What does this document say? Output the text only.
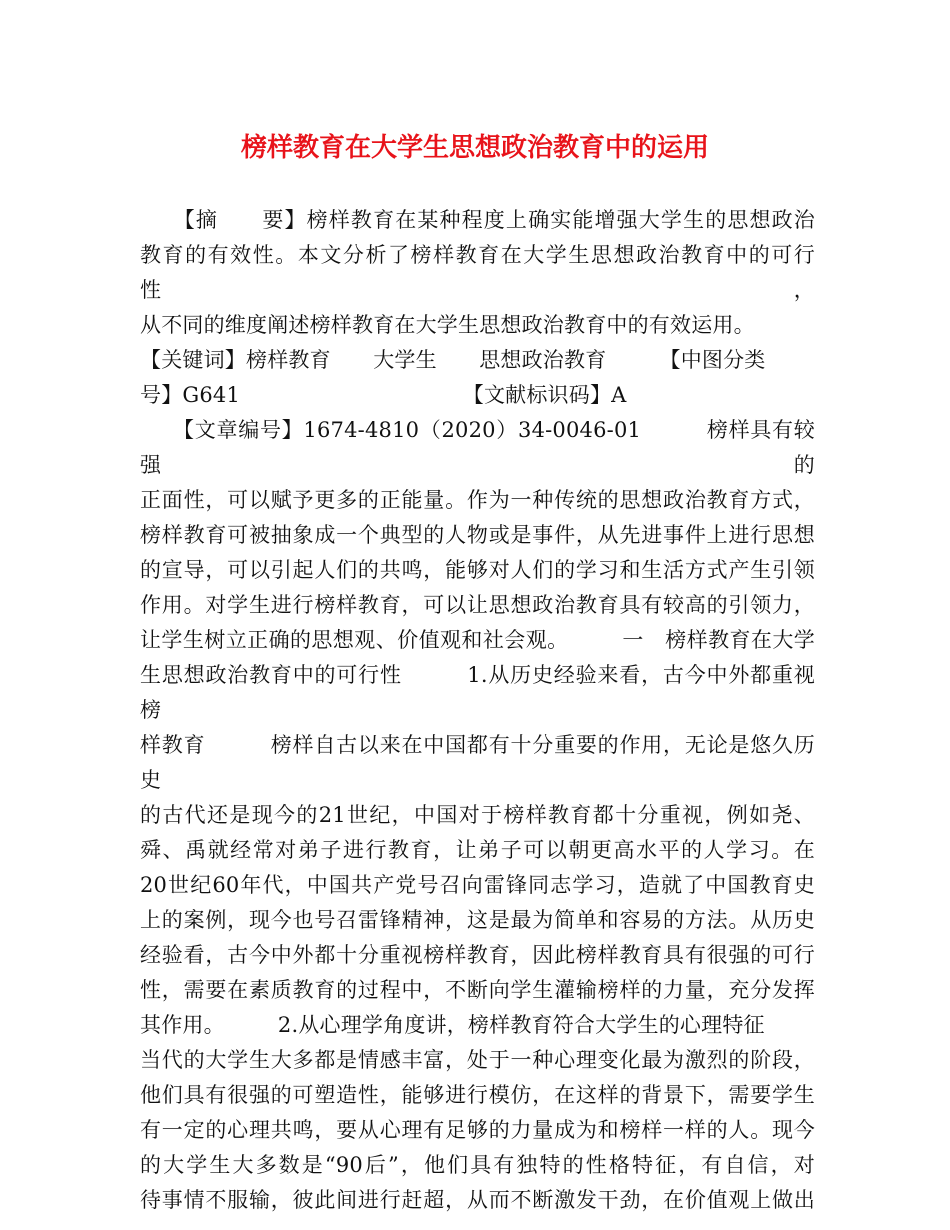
榜样教育在大学生思想政治教育中的运用
　　【摘　　要】榜样教育在某种程度上确实能增强大学生的思想政治
教育的有效性。本文分析了榜样教育在大学生思想政治教育中的可行性，
从不同的维度阐述榜样教育在大学生思想政治教育中的有效运用。
【关键词】榜样教育　　大学生　　思想政治教育　　　【中图分类
号】G641　　　　　　　　　　　【文献标识码】A
　　【文章编号】1674-4810（2020）34-0046-01　　　榜样具有较强的
正面性，可以赋予更多的正能量。作为一种传统的思想政治教育方式，
榜样教育可被抽象成一个典型的人物或是事件，从先进事件上进行思想
的宣导，可以引起人们的共鸣，能够对人们的学习和生活方式产生引领
作用。对学生进行榜样教育，可以让思想政治教育具有较高的引领力，
让学生树立正确的思想观、价值观和社会观。　　　一　榜样教育在大学
生思想政治教育中的可行性　　　1.从历史经验来看，古今中外都重视榜
样教育　　　榜样自古以来在中国都有十分重要的作用，无论是悠久历史
的古代还是现今的21世纪，中国对于榜样教育都十分重视，例如尧、
舜、禹就经常对弟子进行教育，让弟子可以朝更高水平的人学习。在
20世纪60年代，中国共产党号召向雷锋同志学习，造就了中国教育史
上的案例，现今也号召雷锋精神，这是最为简单和容易的方法。从历史
经验看，古今中外都十分重视榜样教育，因此榜样教育具有很强的可行
性，需要在素质教育的过程中，不断向学生灌输榜样的力量，充分发挥
其作用。　　　2.从心理学角度讲，榜样教育符合大学生的心理特征
当代的大学生大多都是情感丰富，处于一种心理变化最为激烈的阶段，
他们具有很强的可塑造性，能够进行模仿，在这样的背景下，需要学生
有一定的心理共鸣，要从心理有足够的力量成为和榜样一样的人。现今
的大学生大多数是“90后”，他们具有独特的性格特征，有自信，对
待事情不服输，彼此间进行赶超，从而不断激发干劲，在价值观上做出
